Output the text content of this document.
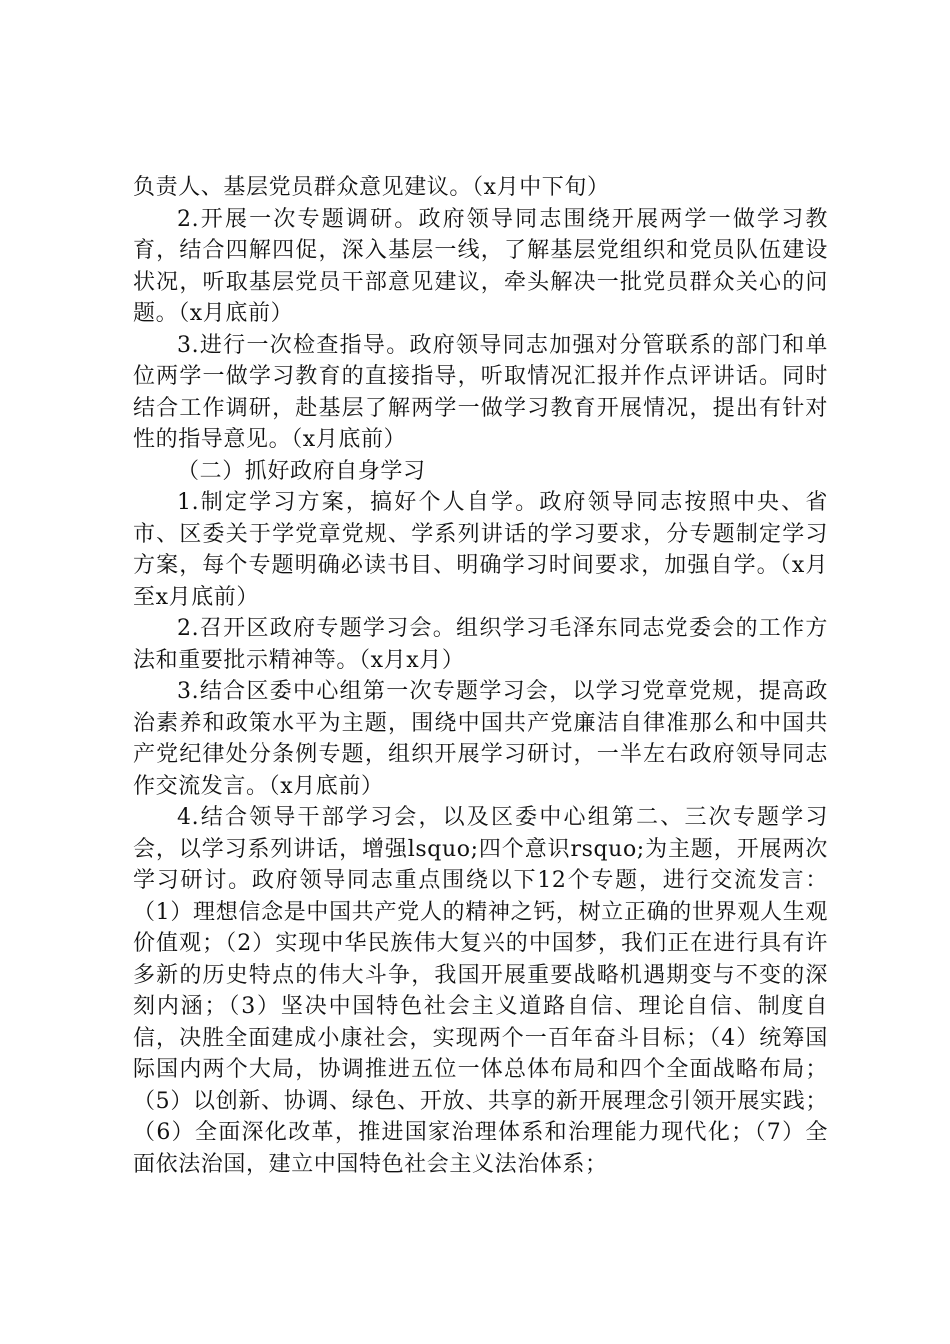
负责人、基层党员群众意见建议。（x月中下旬）

2.开展一次专题调研。政府领导同志围绕开展两学一做学习教育，结合四解四促，深入基层一线，了解基层党组织和党员队伍建设状况，听取基层党员干部意见建议，牵头解决一批党员群众关心的问题。（x月底前）

3.进行一次检查指导。政府领导同志加强对分管联系的部门和单位两学一做学习教育的直接指导，听取情况汇报并作点评讲话。同时结合工作调研，赴基层了解两学一做学习教育开展情况，提出有针对性的指导意见。（x月底前）

（二）抓好政府自身学习

1.制定学习方案，搞好个人自学。政府领导同志按照中央、省市、区委关于学党章党规、学系列讲话的学习要求，分专题制定学习方案，每个专题明确必读书目、明确学习时间要求，加强自学。（x月至x月底前）

2.召开区政府专题学习会。组织学习毛泽东同志党委会的工作方法和重要批示精神等。（x月x月）

3.结合区委中心组第一次专题学习会，以学习党章党规，提高政治素养和政策水平为主题，围绕中国共产党廉洁自律准那么和中国共产党纪律处分条例专题，组织开展学习研讨，一半左右政府领导同志作交流发言。（x月底前）

4.结合领导干部学习会，以及区委中心组第二、三次专题学习会，以学习系列讲话，增强lsquo;四个意识rsquo;为主题，开展两次学习研讨。政府领导同志重点围绕以下12个专题，进行交流发言：（1）理想信念是中国共产党人的精神之钙，树立正确的世界观人生观价值观；（2）实现中华民族伟大复兴的中国梦，我们正在进行具有许多新的历史特点的伟大斗争，我国开展重要战略机遇期变与不变的深刻内涵；（3）坚决中国特色社会主义道路自信、理论自信、制度自信，决胜全面建成小康社会，实现两个一百年奋斗目标；（4）统筹国际国内两个大局，协调推进五位一体总体布局和四个全面战略布局；（5）以创新、协调、绿色、开放、共享的新开展理念引领开展实践；（6）全面深化改革，推进国家治理体系和治理能力现代化；（7）全面依法治国，建立中国特色社会主义法治体系；
